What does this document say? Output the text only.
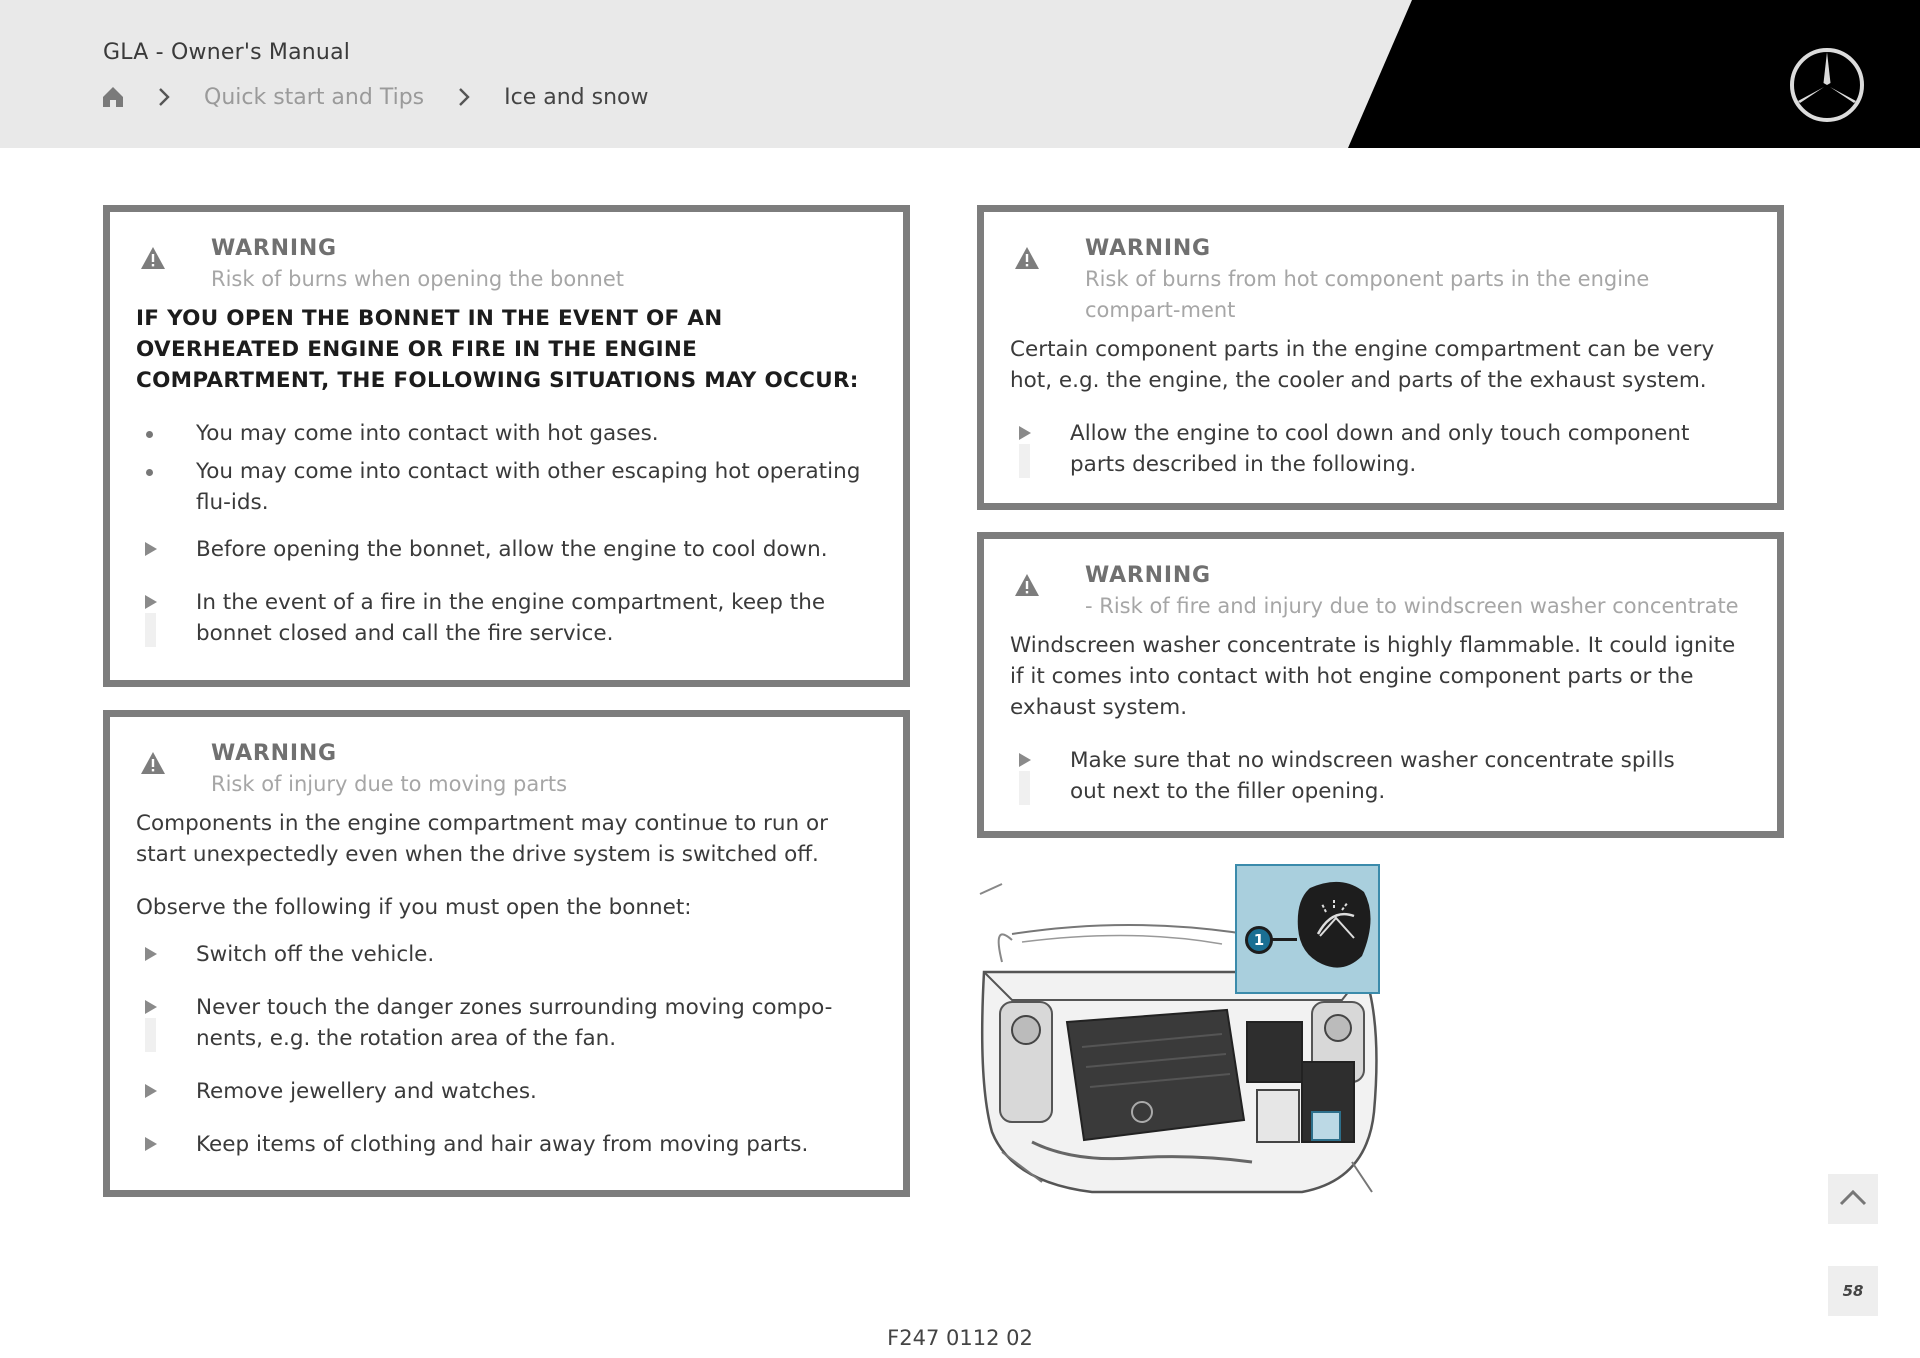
GLA - Owner's Manual
Quick start and Tips	Ice and snow
WARNING
Risk of burns when opening the bonnet
IF YOU OPEN THE BONNET IN THE EVENT OF AN OVERHEATED ENGINE OR FIRE IN THE ENGINE COMPARTMENT, THE FOLLOWING SITUATIONS MAY OCCUR:
You may come into contact with hot gases.
You may come into contact with other escaping hot operating flu-ids.
Before opening the bonnet, allow the engine to cool down.
In the event of a fire in the engine compartment, keep the bonnet closed and call the fire service.
WARNING
Risk of injury due to moving parts
Components in the engine compartment may continue to run or start unexpectedly even when the drive system is switched off.
Observe the following if you must open the bonnet:
Switch off the vehicle.
Never touch the danger zones surrounding moving compo-nents, e.g. the rotation area of the fan.
Remove jewellery and watches.
Keep items of clothing and hair away from moving parts.
WARNING
Risk of burns from hot component parts in the engine compart-ment
Certain component parts in the engine compartment can be very hot, e.g. the engine, the cooler and parts of the exhaust system.
Allow the engine to cool down and only touch component parts described in the following.
WARNING
- Risk of fire and injury due to windscreen washer concentrate
Windscreen washer concentrate is highly flammable. It could ignite if it comes into contact with hot engine component parts or the exhaust system.
Make sure that no windscreen washer concentrate spills out next to the filler opening.
1
F247 0112 02
58
